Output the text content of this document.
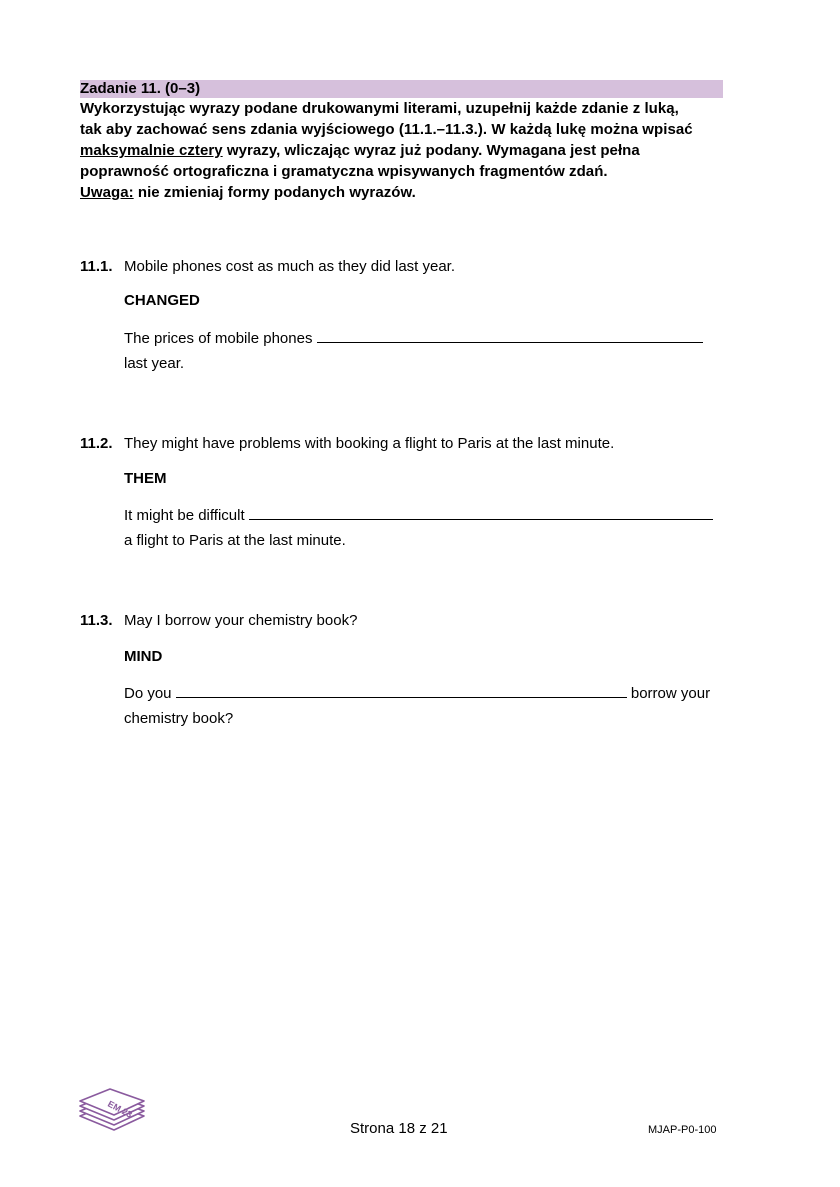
Zadanie 11. (0–3)
Wykorzystując wyrazy podane drukowanymi literami, uzupełnij każde zdanie z luką,
tak aby zachować sens zdania wyjściowego (11.1.–11.3.). W każdą lukę można wpisać
maksymalnie cztery wyrazy, wliczając wyraz już podany. Wymagana jest pełna
poprawność ortograficzna i gramatyczna wpisywanych fragmentów zdań.
Uwaga: nie zmieniaj formy podanych wyrazów.
11.1. Mobile phones cost as much as they did last year.
CHANGED
The prices of mobile phones
last year.
11.2. They might have problems with booking a flight to Paris at the last minute.
THEM
It might be difficult
a flight to Paris at the last minute.
11.3. May I borrow your chemistry book?
MIND
Do you	borrow your
chemistry book?
EM 23
Strona 18 z 21	MJAP-P0-100
